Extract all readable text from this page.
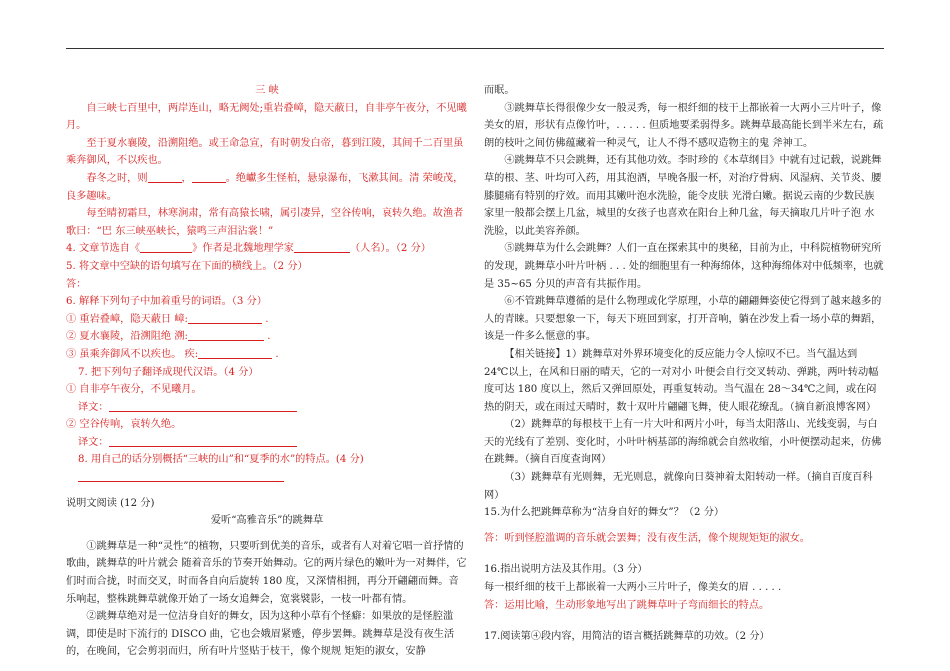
三 峡

自三峡七百里中，两岸连山，略无阙处;重岩叠嶂，隐天蔽日，自非亭午夜分，不见曦月。

至于夏水襄陵，沿溯阻绝。或王命急宣，有时朝发白帝，暮到江陵，其间千二百里虽乘奔御风，不以疾也。

春冬之时，则	，	。绝巘多生怪柏，悬泉瀑布，飞漱其间。清 荣峻茂，良多趣味。

每至晴初霜旦，林寒涧肃，常有高猿长啸，属引凄异，空谷传响，哀转久绝。故渔者歌曰：“巴 东三峡巫峡长，猿鸣三声泪沾裳！”

4. 文章节选自《	》作者是北魏地理学家	（人名）。（2 分）

5. 将文章中空缺的语句填写在下面的横线上。（2 分）

答：

6. 解释下列句子中加着重号的词语。（3 分）

① 重岩叠嶂，隐天蔽日 嶂:	.

② 夏水襄陵，沿溯阻绝 溯:	.

③ 虽乘奔御风不以疾也。 疾:	.

7. 把下列句子翻译成现代汉语。（4 分）

① 自非亭午夜分，不见曦月。

译文：

② 空谷传响，哀转久绝。

译文：

8. 用自己的话分别概括“三峡的山”和“夏季的水”的特点。(4 分)

说明文阅读 (12 分)

爱听“高雅音乐”的跳舞草

①跳舞草是一种“灵性”的植物，只要听到优美的音乐，或者有人对着它唱一首抒情的歌曲，跳舞草的叶片就会 随着音乐的节奏开始舞动。它的两片绿色的嫩叶为一对舞伴，它们时而合拢，时而交叉，时而各自向后旋转 180 度，又深情相拥，再分开翩翩而舞。音乐响起，整株跳舞草就像开始了一场女追舞会，宽裳襞影，一枝一叶都有情。

②跳舞草绝对是一位洁身自好的舞女，因为这种小草有个怪癖：如果放的是怪腔滥调，即使是时下流行的 DISCO 曲，它也会娥眉紧蹙，停步罢舞。跳舞草是没有夜生活的，在晚间，它会剪羽而归，所有叶片竖贴于枝干，像个规规 矩矩的淑女，安静

而眠。

③跳舞草长得很像少女一般灵秀，每一根纤细的枝干上都嵌着一大两小三片叶子，像美女的眉，形状有点像竹叶，. . . . . 但质地要柔弱得多。跳舞草最高能长到半米左右，疏朗的枝叶之间仿佛蕴藏着一种灵气，让人不得不感叹造物主的鬼 斧神工。

④跳舞草不只会跳舞，还有其他功效。李时珍的《本草纲目》中就有过记载，说跳舞草的根、茎、叶均可入药，用其泡酒，早晚各服一杯，对治疗骨病、风湿病、关节炎、腰膝腿痛有特别的疗效。而用其嫩叶泡水洗脸，能令皮肤 光滑白嫩。据说云南的少数民族家里一般都会摆上几盆，城里的女孩子也喜欢在阳台上种几盆，每天摘取几片叶子泡 水洗脸，以此美容养颜。

⑤跳舞草为什么会跳舞？人们一直在探索其中的奥秘，目前为止，中科院植物研究所的发现，跳舞草小叶片叶柄 . . . 处的细胞里有一种海绵体，这种海绵体对中低频率，也就是 35~65 分贝的声音有共振作用。

⑥不管跳舞草遵循的是什么物理或化学原理，小草的翩翩舞姿使它得到了越来越多的人的青睐。只要想象一下，每天下班回到家，打开音响，躺在沙发上看一场小草的舞蹈，该是一件多么惬意的事。

【相关链接】1）跳舞草对外界环境变化的反应能力令人惊叹不已。当气温达到 24℃以上，在风和日丽的晴天，它的一对对小 叶便会自行交叉转动、弹跳，两叶转动幅度可达 180 度以上，然后又弹回原处，再重复转动。当气温在 28～34℃之间，或在闷热的阴天，或在雨过天晴时，数十双叶片翩翩飞舞，使人眼花缭乱。（摘自新浪博客网）

（2）跳舞草的每根枝干上有一片大叶和两片小叶，每当太阳落山、光线变弱，与白天的光线有了差别、变化时，小叶叶柄基部的海绵就会自然收缩，小叶便摆动起来，仿佛在跳舞。（摘自百度查询网）

（3）跳舞草有光则舞，无光则息，就像向日葵神着太阳转动一样。（摘自百度百科网）

15.为什么把跳舞草称为“洁身自好的舞女”？（2 分）

答：听到怪腔滥调的音乐就会罢舞；没有夜生活，像个规规矩矩的淑女。

16.指出说明方法及其作用。（3 分）

每一根纤细的枝干上都嵌着一大两小三片叶子，像美女的眉 . . . . .

答：运用比喻，生动形象地写出了跳舞草叶子弯而细长的特点。

17.阅读第④段内容，用简洁的语言概括跳舞草的功效。（2 分）
